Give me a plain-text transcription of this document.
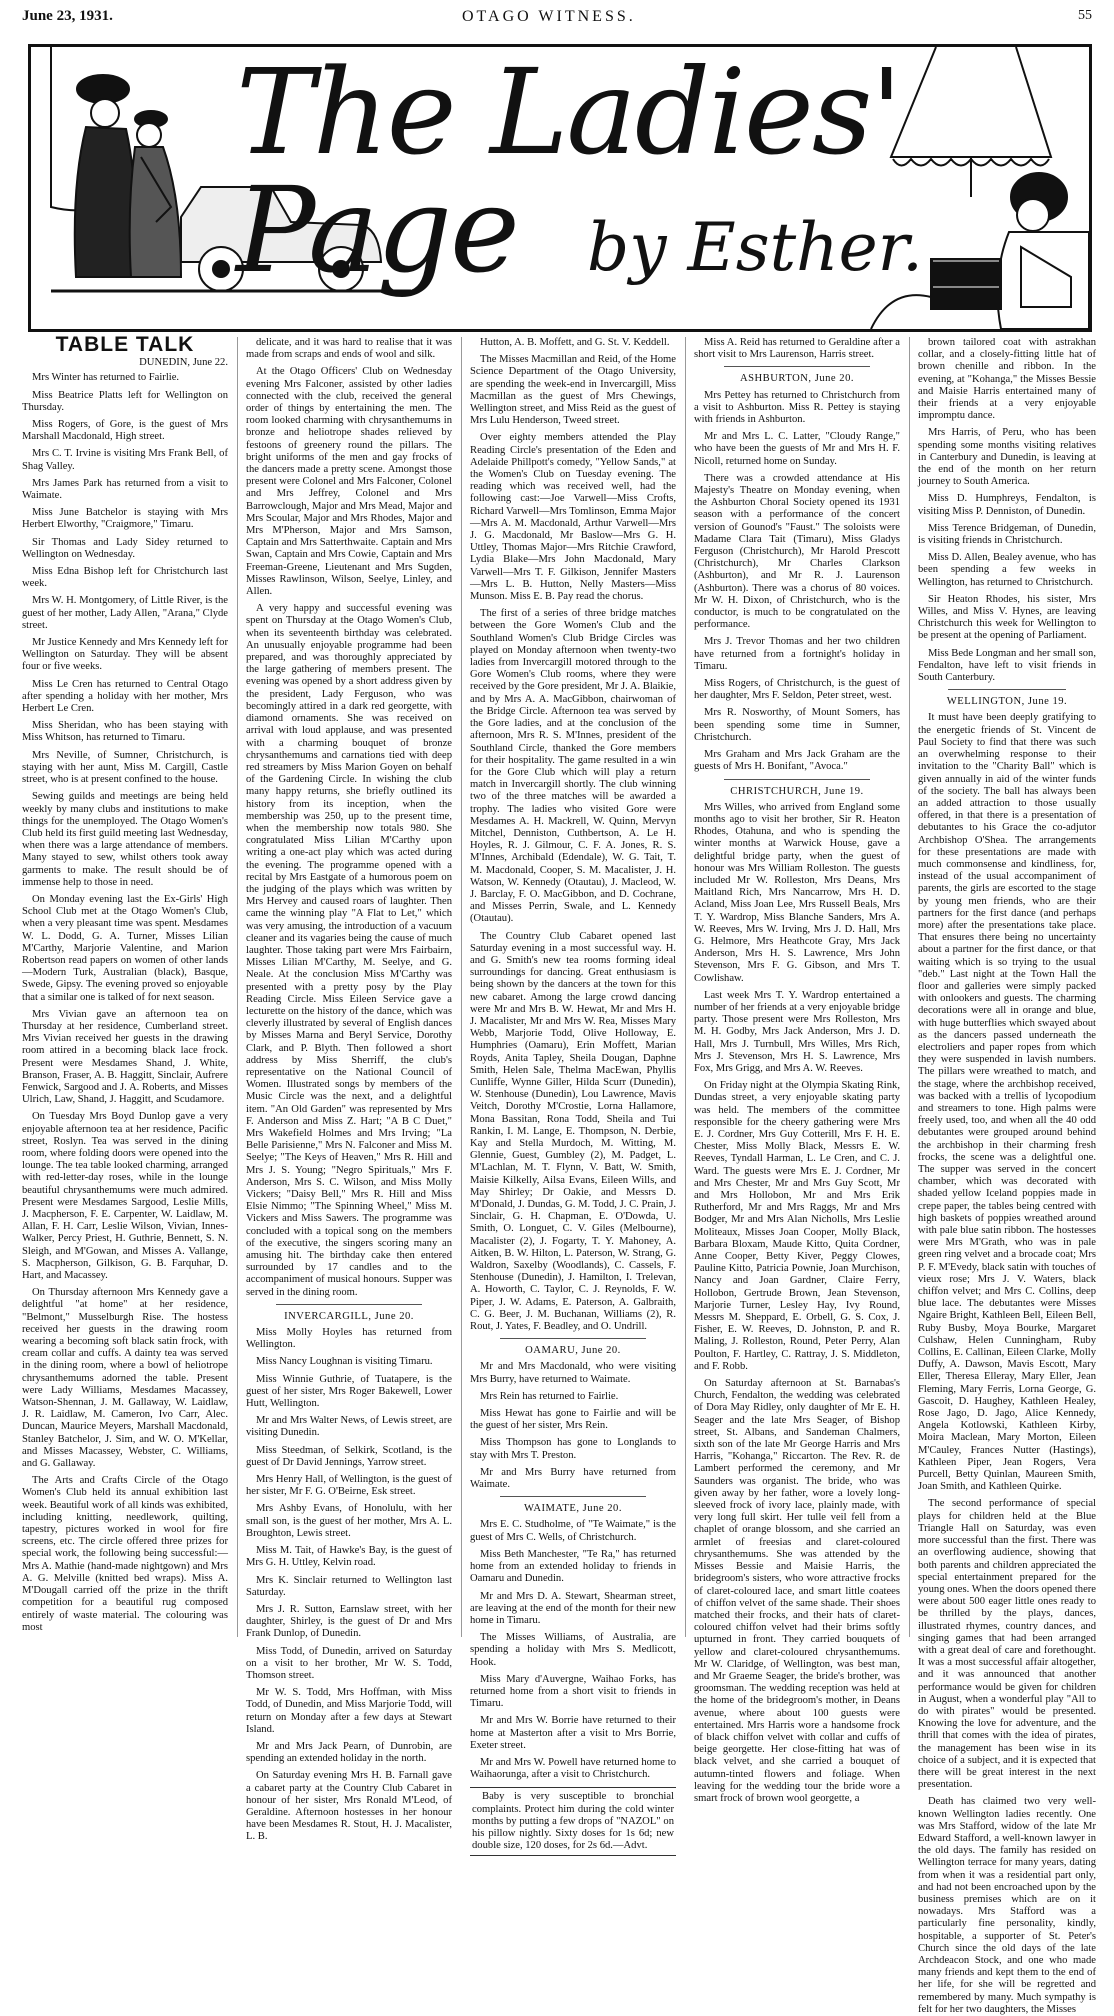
June 23, 1931.	OTAGO WITNESS.	55
The Ladies' Page	by Esther.
TABLE TALK

DUNEDIN, June 22.

Mrs Winter has returned to Fairlie.

Miss Beatrice Platts left for Wellington on Thursday.

Miss Rogers, of Gore, is the guest of Mrs Marshall Macdonald, High street.

Mrs C. T. Irvine is visiting Mrs Frank Bell, of Shag Valley.

Mrs James Park has returned from a visit to Waimate.

Miss June Batchelor is staying with Mrs Herbert Elworthy, "Craigmore," Timaru.

Sir Thomas and Lady Sidey returned to Wellington on Wednesday.

Miss Edna Bishop left for Christchurch last week.

Mrs W. H. Montgomery, of Little River, is the guest of her mother, Lady Allen, "Arana," Clyde street.

Mr Justice Kennedy and Mrs Kennedy left for Wellington on Saturday. They will be absent four or five weeks.

Miss Le Cren has returned to Central Otago after spending a holiday with her mother, Mrs Herbert Le Cren.

Miss Sheridan, who has been staying with Miss Whitson, has returned to Timaru.

Mrs Neville, of Sumner, Christchurch, is staying with her aunt, Miss M. Cargill, Castle street, who is at present confined to the house.

Sewing guilds and meetings are being held weekly by many clubs and institutions to make things for the unemployed. The Otago Women's Club held its first guild meeting last Wednesday, when there was a large attendance of members. Many stayed to sew, whilst others took away garments to make. The result should be of immense help to those in need.

On Monday evening last the Ex-Girls' High School Club met at the Otago Women's Club, when a very pleasant time was spent. Mesdames W. L. Dodd, G. A. Turner, Misses Lilian M'Carthy, Marjorie Valentine, and Marion Robertson read papers on women of other lands—Modern Turk, Australian (black), Basque, Swede, Gipsy. The evening proved so enjoyable that a similar one is talked of for next season.

Mrs Vivian gave an afternoon tea on Thursday at her residence, Cumberland street. Mrs Vivian received her guests in the drawing room attired in a becoming black lace frock. Present were Mesdames Shand, J. White, Branson, Fraser, A. B. Haggitt, Sinclair, Aufrere Fenwick, Sargood and J. A. Roberts, and Misses Ulrich, Law, Shand, J. Haggitt, and Scudamore.

On Tuesday Mrs Boyd Dunlop gave a very enjoyable afternoon tea at her residence, Pacific street, Roslyn. Tea was served in the dining room, where folding doors were opened into the lounge. The tea table looked charming, arranged with red-letter-day roses, while in the lounge beautiful chrysanthemums were much admired. Present were Mesdames Sargood, Leslie Mills, J. Macpherson, F. E. Carpenter, W. Laidlaw, M. Allan, F. H. Carr, Leslie Wilson, Vivian, Innes-Walker, Percy Priest, H. Guthrie, Bennett, S. N. Sleigh, and M'Gowan, and Misses A. Vallange, S. Macpherson, Gilkison, G. B. Farquhar, D. Hart, and Macassey.

On Thursday afternoon Mrs Kennedy gave a delightful "at home" at her residence, "Belmont," Musselburgh Rise. The hostess received her guests in the drawing room wearing a becoming soft black satin frock, with cream collar and cuffs. A dainty tea was served in the dining room, where a bowl of heliotrope chrysanthemums adorned the table. Present were Lady Williams, Mesdames Macassey, Watson-Shennan, J. M. Gallaway, W. Laidlaw, J. R. Laidlaw, M. Cameron, Ivo Carr, Alec. Duncan, Maurice Meyers, Marshall Macdonald, Stanley Batchelor, J. Sim, and W. O. M'Kellar, and Misses Macassey, Webster, C. Williams, and G. Gallaway.

The Arts and Crafts Circle of the Otago Women's Club held its annual exhibition last week. Beautiful work of all kinds was exhibited, including knitting, needlework, quilting, tapestry, pictures worked in wool for fire screens, etc. The circle offered three prizes for special work, the following being successful:—Mrs A. Mathie (hand-made nightgown) and Mrs A. G. Melville (knitted bed wraps). Miss A. M'Dougall carried off the prize in the thrift competition for a beautiful rug composed entirely of waste material. The colouring was most

delicate, and it was hard to realise that it was made from scraps and ends of wool and silk.

At the Otago Officers' Club on Wednesday evening Mrs Falconer, assisted by other ladies connected with the club, received the general order of things by entertaining the men. The room looked charming with chrysanthemums in bronze and heliotrope shades relieved by festoons of greenery round the pillars. The bright uniforms of the men and gay frocks of the dancers made a pretty scene. Amongst those present were Colonel and Mrs Falconer, Colonel and Mrs Jeffrey, Colonel and Mrs Barrowclough, Major and Mrs Mead, Major and Mrs Scoular, Major and Mrs Rhodes, Major and Mrs M'Pherson, Major and Mrs Samson, Captain and Mrs Satterthwaite. Captain and Mrs Swan, Captain and Mrs Cowie, Captain and Mrs Freeman-Greene, Lieutenant and Mrs Sugden, Misses Rawlinson, Wilson, Seelye, Linley, and Allen.

A very happy and successful evening was spent on Thursday at the Otago Women's Club, when its seventeenth birthday was celebrated. An unusually enjoyable programme had been prepared, and was thoroughly appreciated by the large gathering of members present. The evening was opened by a short address given by the president, Lady Ferguson, who was becomingly attired in a dark red georgette, with diamond ornaments. She was received on arrival with loud applause, and was presented with a charming bouquet of bronze chrysanthemums and carnations tied with deep red streamers by Miss Marion Goyen on behalf of the Gardening Circle. In wishing the club many happy returns, she briefly outlined its history from its inception, when the membership was 250, up to the present time, when the membership now totals 980. She congratulated Miss Lilian M'Carthy upon writing a one-act play which was acted during the evening. The programme opened with a recital by Mrs Eastgate of a humorous poem on the judging of the plays which was written by Mrs Hervey and caused roars of laughter. Then came the winning play "A Flat to Let," which was very amusing, the introduction of a vacuum cleaner and its vagaries being the cause of much laughter. Those taking part were Mrs Fairbairn, Misses Lilian M'Carthy, M. Seelye, and G. Neale. At the conclusion Miss M'Carthy was presented with a pretty posy by the Play Reading Circle. Miss Eileen Service gave a lecturette on the history of the dance, which was cleverly illustrated by several of English dances by Misses Marna and Beryl Service, Dorothy Clark, and P. Blyth. Then followed a short address by Miss Sherriff, the club's representative on the National Council of Women. Illustrated songs by members of the Music Circle was the next, and a delightful item. "An Old Garden" was represented by Mrs F. Anderson and Miss Z. Hart; "A B C Duet," Mrs Wakefield Holmes and Mrs Irving; "La Belle Parisienne," Mrs N. Falconer and Miss M. Seelye; "The Keys of Heaven," Mrs R. Hill and Mrs J. S. Young; "Negro Spirituals," Mrs F. Anderson, Mrs S. C. Wilson, and Miss Molly Vickers; "Daisy Bell," Mrs R. Hill and Miss Elsie Nimmo; "The Spinning Wheel," Miss M. Vickers and Miss Sawers. The programme was concluded with a topical song on the members of the executive, the singers scoring many an amusing hit. The birthday cake then entered surrounded by 17 candles and to the accompaniment of musical honours. Supper was served in the dining room.

INVERCARGILL, June 20.

Miss Molly Hoyles has returned from Wellington.

Miss Nancy Loughnan is visiting Timaru.

Miss Winnie Guthrie, of Tuatapere, is the guest of her sister, Mrs Roger Bakewell, Lower Hutt, Wellington.

Mr and Mrs Walter News, of Lewis street, are visiting Dunedin.

Miss Steedman, of Selkirk, Scotland, is the guest of Dr David Jennings, Yarrow street.

Mrs Henry Hall, of Wellington, is the guest of her sister, Mr F. G. O'Beirne, Esk street.

Mrs Ashby Evans, of Honolulu, with her small son, is the guest of her mother, Mrs A. L. Broughton, Lewis street.

Miss M. Tait, of Hawke's Bay, is the guest of Mrs G. H. Uttley, Kelvin road.

Mrs K. Sinclair returned to Wellington last Saturday.

Mrs J. R. Sutton, Earnslaw street, with her daughter, Shirley, is the guest of Dr and Mrs Frank Dunlop, of Dunedin.

Miss Todd, of Dunedin, arrived on Saturday on a visit to her brother, Mr W. S. Todd, Thomson street.

Mr W. S. Todd, Mrs Hoffman, with Miss Todd, of Dunedin, and Miss Marjorie Todd, will return on Monday after a few days at Stewart Island.

Mr and Mrs Jack Pearn, of Dunrobin, are spending an extended holiday in the north.

On Saturday evening Mrs H. B. Farnall gave a cabaret party at the Country Club Cabaret in honour of her sister, Mrs Ronald M'Leod, of Geraldine. Afternoon hostesses in her honour have been Mesdames R. Stout, H. J. Macalister, L. B.

Hutton, A. B. Moffett, and G. St. V. Keddell.

The Misses Macmillan and Reid, of the Home Science Department of the Otago University, are spending the week-end in Invercargill, Miss Macmillan as the guest of Mrs Chewings, Wellington street, and Miss Reid as the guest of Mrs Lulu Henderson, Tweed street.

Over eighty members attended the Play Reading Circle's presentation of the Eden and Adelaide Phillpott's comedy, "Yellow Sands," at the Women's Club on Tuesday evening. The reading which was received well, had the following cast:—Joe Varwell—Miss Crofts, Richard Varwell—Mrs Tomlinson, Emma Major—Mrs A. M. Macdonald, Arthur Varwell—Mrs J. G. Macdonald, Mr Baslow—Mrs G. H. Uttley, Thomas Major—Mrs Ritchie Crawford, Lydia Blake—Mrs John Macdonald, Mary Varwell—Mrs T. F. Gilkison, Jennifer Masters—Mrs L. B. Hutton, Nelly Masters—Miss Munson. Miss E. B. Pay read the chorus.

The first of a series of three bridge matches between the Gore Women's Club and the Southland Women's Club Bridge Circles was played on Monday afternoon when twenty-two ladies from Invercargill motored through to the Gore Women's Club rooms, where they were received by the Gore president, Mr J. A. Blaikie, and by Mrs A. A. MacGibbon, chairwoman of the Bridge Circle. Afternoon tea was served by the Gore ladies, and at the conclusion of the afternoon, Mrs R. S. M'Innes, president of the Southland Circle, thanked the Gore members for their hospitality. The game resulted in a win for the Gore Club which will play a return match in Invercargill shortly. The club winning two of the three matches will be awarded a trophy. The ladies who visited Gore were Mesdames A. H. Mackrell, W. Quinn, Mervyn Mitchel, Denniston, Cuthbertson, A. Le H. Hoyles, R. J. Gilmour, C. F. A. Jones, R. S. M'Innes, Archibald (Edendale), W. G. Tait, T. M. Macdonald, Cooper, S. M. Macalister, J. H. Watson, W. Kennedy (Otautau), J. Macleod, W. J. Barclay, F. O. MacGibbon, and D. Cochrane, and Misses Perrin, Swale, and L. Kennedy (Otautau).

The Country Club Cabaret opened last Saturday evening in a most successful way. H. and G. Smith's new tea rooms forming ideal surroundings for dancing. Great enthusiasm is being shown by the dancers at the town for this new cabaret. Among the large crowd dancing were Mr and Mrs B. W. Hewat, Mr and Mrs H. J. Macalister, Mr and Mrs W. Rea, Misses Mary Webb, Marjorie Todd, Olive Holloway, E. Humphries (Oamaru), Erin Moffett, Marian Royds, Anita Tapley, Sheila Dougan, Daphne Smith, Helen Sale, Thelma MacEwan, Phyllis Cunliffe, Wynne Giller, Hilda Scurr (Dunedin), W. Stenhouse (Dunedin), Lou Lawrence, Mavis Veitch, Dorothy M'Crostie, Lorna Hallamore, Mona Bassitan, Rona Todd, Sheila and Tui Rankin, I. M. Lange, E. Thompson, N. Derbie, Kay and Stella Murdoch, M. Witting, M. Glennie, Guest, Gumbley (2), M. Padget, L. M'Lachlan, M. T. Flynn, V. Batt, W. Smith, Maisie Kilkelly, Ailsa Evans, Eileen Wills, and May Shirley; Dr Oakie, and Messrs D. M'Donald, J. Dundas, G. M. Todd, J. C. Prain, J. Sinclair, G. H. Chapman, E. O'Dowda, U. Smith, O. Longuet, C. V. Giles (Melbourne), Macalister (2), J. Fogarty, T. Y. Mahoney, A. Aitken, B. W. Hilton, L. Paterson, W. Strang, G. Waldron, Saxelby (Woodlands), C. Cassels, F. Stenhouse (Dunedin), J. Hamilton, I. Trelevan, A. Howorth, C. Taylor, C. J. Reynolds, F. W. Piper, J. W. Adams, E. Paterson, A. Galbraith, C. G. Beer, J. M. Buchanan, Williams (2), R. Rout, J. Yates, F. Beadley, and O. Undrill.

OAMARU, June 20.

Mr and Mrs Macdonald, who were visiting Mrs Burry, have returned to Waimate.

Mrs Rein has returned to Fairlie.

Miss Hewat has gone to Fairlie and will be the guest of her sister, Mrs Rein.

Miss Thompson has gone to Longlands to stay with Mrs T. Preston.

Mr and Mrs Burry have returned from Waimate.

WAIMATE, June 20.

Mrs E. C. Studholme, of "Te Waimate," is the guest of Mrs C. Wells, of Christchurch.

Miss Beth Manchester, "Te Ra," has returned home from an extended holiday to friends in Oamaru and Dunedin.

Mr and Mrs D. A. Stewart, Shearman street, are leaving at the end of the month for their new home in Timaru.

The Misses Williams, of Australia, are spending a holiday with Mrs S. Medlicott, Hook.

Miss Mary d'Auvergne, Waihao Forks, has returned home from a short visit to friends in Timaru.

Mr and Mrs W. Borrie have returned to their home at Masterton after a visit to Mrs Borrie, Exeter street.

Mr and Mrs W. Powell have returned home to Waihaorunga, after a visit to Christchurch.

Baby is very susceptible to bronchial complaints. Protect him during the cold winter months by putting a few drops of "NAZOL" on his pillow nightly. Sixty doses for 1s 6d; new double size, 120 doses, for 2s 6d.—Advt.

Miss A. Reid has returned to Geraldine after a short visit to Mrs Laurenson, Harris street.

ASHBURTON, June 20.

Mrs Pettey has returned to Christchurch from a visit to Ashburton. Miss R. Pettey is staying with friends in Ashburton.

Mr and Mrs L. C. Latter, "Cloudy Range," who have been the guests of Mr and Mrs H. F. Nicoll, returned home on Sunday.

There was a crowded attendance at His Majesty's Theatre on Monday evening, when the Ashburton Choral Society opened its 1931 season with a performance of the concert version of Gounod's "Faust." The soloists were Madame Clara Tait (Timaru), Miss Gladys Ferguson (Christchurch), Mr Harold Prescott (Christchurch), Mr Charles Clarkson (Ashburton), and Mr R. J. Laurenson (Ashburton). There was a chorus of 80 voices. Mr W. H. Dixon, of Christchurch, who is the conductor, is much to be congratulated on the performance.

Mrs J. Trevor Thomas and her two children have returned from a fortnight's holiday in Timaru.

Miss Rogers, of Christchurch, is the guest of her daughter, Mrs F. Seldon, Peter street, west.

Mrs R. Nosworthy, of Mount Somers, has been spending some time in Sumner, Christchurch.

Mrs Graham and Mrs Jack Graham are the guests of Mrs H. Bonifant, "Avoca."

CHRISTCHURCH, June 19.

Mrs Willes, who arrived from England some months ago to visit her brother, Sir R. Heaton Rhodes, Otahuna, and who is spending the winter months at Warwick House, gave a delightful bridge party, when the guest of honour was Mrs William Rolleston. The guests included Mr W. Rolleston, Mrs Deans, Mrs Maitland Rich, Mrs Nancarrow, Mrs H. D. Acland, Miss Joan Lee, Mrs Russell Beals, Mrs T. Y. Wardrop, Miss Blanche Sanders, Mrs A. W. Reeves, Mrs W. Irving, Mrs J. D. Hall, Mrs G. Helmore, Mrs Heathcote Gray, Mrs Jack Anderson, Mrs H. S. Lawrence, Mrs John Stevenson, Mrs F. G. Gibson, and Mrs T. Cowlishaw.

Last week Mrs T. Y. Wardrop entertained a number of her friends at a very enjoyable bridge party. Those present were Mrs Rolleston, Mrs M. H. Godby, Mrs Jack Anderson, Mrs J. D. Hall, Mrs J. Turnbull, Mrs Willes, Mrs Rich, Mrs J. Stevenson, Mrs H. S. Lawrence, Mrs Fox, Mrs Grigg, and Mrs A. W. Reeves.

On Friday night at the Olympia Skating Rink, Dundas street, a very enjoyable skating party was held. The members of the committee responsible for the cheery gathering were Mrs E. J. Cordner, Mrs Guy Cotterill, Mrs F. H. E. Chester, Miss Molly Black, Messrs E. W. Reeves, Tyndall Harman, L. Le Cren, and C. J. Ward. The guests were Mrs E. J. Cordner, Mr and Mrs Chester, Mr and Mrs Guy Scott, Mr and Mrs Hollobon, Mr and Mrs Erik Rutherford, Mr and Mrs Raggs, Mr and Mrs Bodger, Mr and Mrs Alan Nicholls, Mrs Leslie Moliteaux, Misses Joan Cooper, Molly Black, Barbara Bloxam, Maude Kitto, Quita Cordner, Anne Cooper, Betty Kiver, Peggy Clowes, Pauline Kitto, Patricia Pownie, Joan Murchison, Nancy and Joan Gardner, Claire Ferry, Hollobon, Gertrude Brown, Jean Stevenson, Marjorie Turner, Lesley Hay, Ivy Round, Messrs M. Sheppard, E. Orbell, G. S. Cox, J. Fisher, E. W. Reeves, D. Johnston, P. and R. Maling, J. Rolleston, Round, Peter Perry, Alan Poulton, F. Hartley, C. Rattray, J. S. Middleton, and F. Robb.

On Saturday afternoon at St. Barnabas's Church, Fendalton, the wedding was celebrated of Dora May Ridley, only daughter of Mr E. H. Seager and the late Mrs Seager, of Bishop street, St. Albans, and Sandeman Chalmers, sixth son of the late Mr George Harris and Mrs Harris, "Kohanga," Riccarton. The Rev. R. de Lambert performed the ceremony, and Mr Saunders was organist. The bride, who was given away by her father, wore a lovely long-sleeved frock of ivory lace, plainly made, with very long full skirt. Her tulle veil fell from a chaplet of orange blossom, and she carried an armlet of freesias and claret-coloured chrysanthemums. She was attended by the Misses Bessie and Maisie Harris, the bridegroom's sisters, who wore attractive frocks of claret-coloured lace, and smart little coatees of chiffon velvet of the same shade. Their shoes matched their frocks, and their hats of claret-coloured chiffon velvet had their brims softly upturned in front. They carried bouquets of yellow and claret-coloured chrysanthemums. Mr W. Claridge, of Wellington, was best man, and Mr Graeme Seager, the bride's brother, was groomsman. The wedding reception was held at the home of the bridegroom's mother, in Deans avenue, where about 100 guests were entertained. Mrs Harris wore a handsome frock of black chiffon velvet with collar and cuffs of beige georgette. Her close-fitting hat was of black velvet, and she carried a bouquet of autumn-tinted flowers and foliage. When leaving for the wedding tour the bride wore a smart frock of brown wool georgette, a

brown tailored coat with astrakhan collar, and a closely-fitting little hat of brown chenille and ribbon. In the evening, at "Kohanga," the Misses Bessie and Maisie Harris entertained many of their friends at a very enjoyable impromptu dance.

Mrs Harris, of Peru, who has been spending some months visiting relatives in Canterbury and Dunedin, is leaving at the end of the month on her return journey to South America.

Miss D. Humphreys, Fendalton, is visiting Miss P. Denniston, of Dunedin.

Miss Terence Bridgeman, of Dunedin, is visiting friends in Christchurch.

Miss D. Allen, Bealey avenue, who has been spending a few weeks in Wellington, has returned to Christchurch.

Sir Heaton Rhodes, his sister, Mrs Willes, and Miss V. Hynes, are leaving Christchurch this week for Wellington to be present at the opening of Parliament.

Miss Bede Longman and her small son, Fendalton, have left to visit friends in South Canterbury.

WELLINGTON, June 19.

It must have been deeply gratifying to the energetic friends of St. Vincent de Paul Society to find that there was such an overwhelming response to their invitation to the "Charity Ball" which is given annually in aid of the winter funds of the society. The ball has always been an added attraction to those usually offered, in that there is a presentation of debutantes to his Grace the co-adjutor Archbishop O'Shea. The arrangements for these presentations are made with much commonsense and kindliness, for, instead of the usual accompaniment of parents, the girls are escorted to the stage by young men friends, who are their partners for the first dance (and perhaps more) after the presentations take place. That ensures there being no uncertainty about a partner for the first dance, or that waiting which is so trying to the usual "deb." Last night at the Town Hall the floor and galleries were simply packed with onlookers and guests. The charming decorations were all in orange and blue, with huge butterflies which swayed about as the dancers passed underneath the electroliers and paper ropes from which they were suspended in lavish numbers. The pillars were wreathed to match, and the stage, where the archbishop received, was backed with a trellis of lycopodium and streamers to tone. High palms were freely used, too, and when all the 40 odd debutantes were grouped around behind the archbishop in their charming fresh frocks, the scene was a delightful one. The supper was served in the concert chamber, which was decorated with shaded yellow Iceland poppies made in crepe paper, the tables being centred with high baskets of poppies wreathed around with pale blue satin ribbon. The hostesses were Mrs M'Grath, who was in pale green ring velvet and a brocade coat; Mrs P. F. M'Evedy, black satin with touches of vieux rose; Mrs J. V. Waters, black chiffon velvet; and Mrs C. Collins, deep blue lace. The debutantes were Misses Ngaire Bright, Kathleen Bell, Eileen Bell, Ruby Busby, Moya Bourke, Margaret Culshaw, Helen Cunningham, Ruby Collins, E. Callinan, Eileen Clarke, Molly Duffy, A. Dawson, Mavis Escott, Mary Eller, Theresa Elleray, Mary Eller, Jean Fleming, Mary Ferris, Lorna George, G. Gascoit, D. Haughey, Kathleen Healey, Rose Jago, D. Jago, Alice Kennedy, Angela Kotlowski, Kathleen Kirby, Moira Maclean, Mary Morton, Eileen M'Cauley, Frances Nutter (Hastings), Kathleen Piper, Jean Rogers, Vera Purcell, Betty Quinlan, Maureen Smith, Joan Smith, and Kathleen Quirke.

The second performance of special plays for children held at the Blue Triangle Hall on Saturday, was even more successful than the first. There was an overflowing audience, showing that both parents and children appreciated the special entertainment prepared for the young ones. When the doors opened there were about 500 eager little ones ready to be thrilled by the plays, dances, illustrated rhymes, country dances, and singing games that had been arranged with a great deal of care and forethought. It was a most successful affair altogether, and it was announced that another performance would be given for children in August, when a wonderful play "All to do with pirates" would be presented. Knowing the love for adventure, and the thrill that comes with the idea of pirates, the management has been wise in its choice of a subject, and it is expected that there will be great interest in the next presentation.

Death has claimed two very well-known Wellington ladies recently. One was Mrs Stafford, widow of the late Mr Edward Stafford, a well-known lawyer in the old days. The family has resided on Wellington terrace for many years, dating from when it was a residential part only, and had not been encroached upon by the business premises which are on it nowadays. Mrs Stafford was a particularly fine personality, kindly, hospitable, a supporter of St. Peter's Church since the old days of the late Archdeacon Stock, and one who made many friends and kept them to the end of her life, for she will be regretted and remembered by many. Much sympathy is felt for her two daughters, the Misses
